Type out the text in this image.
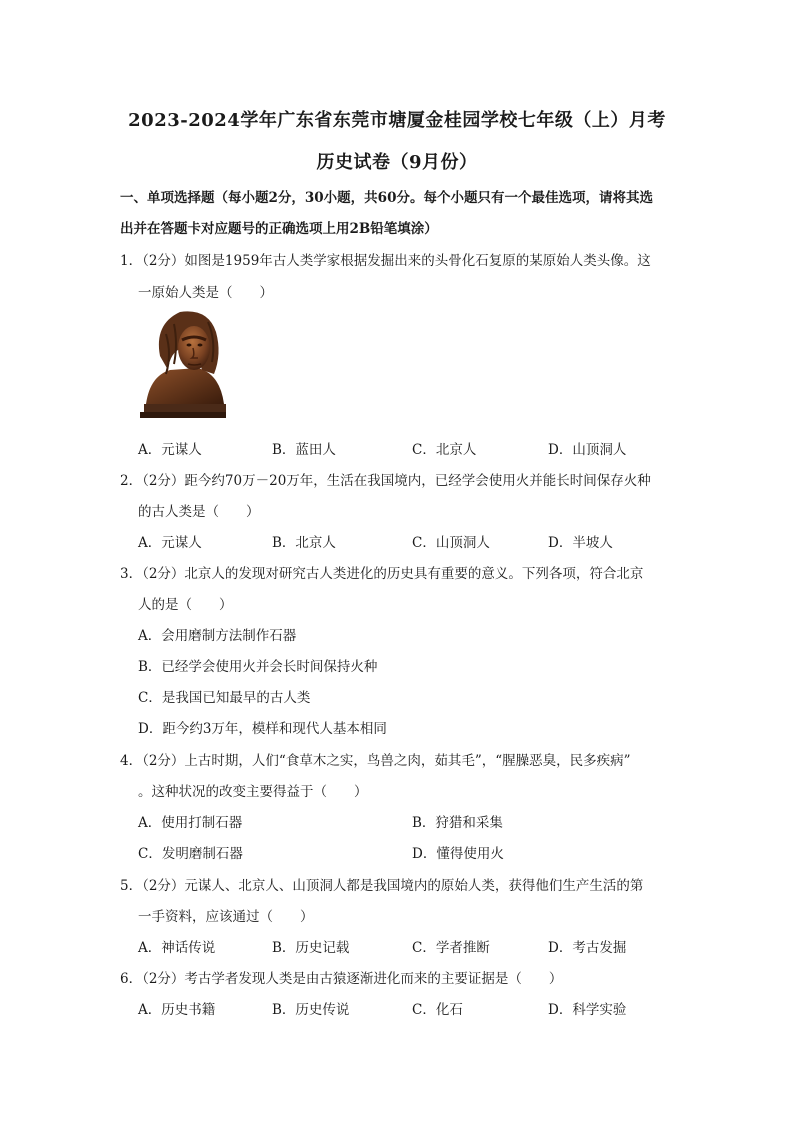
2023-2024学年广东省东莞市塘厦金桂园学校七年级（上）月考
历史试卷（9月份）
一、单项选择题（每小题2分，30小题，共60分。每个小题只有一个最佳选项，请将其选
出并在答题卡对应题号的正确选项上用2B铅笔填涂）
1．（2分）如图是1959年古人类学家根据发掘出来的头骨化石复原的某原始人类头像。这
一原始人类是（　　）
A．元谋人	B．蓝田人	C．北京人	D．山顶洞人
2．（2分）距今约70万－20万年，生活在我国境内，已经学会使用火并能长时间保存火种
的古人类是（　　）
A．元谋人	B．北京人	C．山顶洞人	D．半坡人
3．（2分）北京人的发现对研究古人类进化的历史具有重要的意义。下列各项，符合北京
人的是（　　）
A．会用磨制方法制作石器
B．已经学会使用火并会长时间保持火种
C．是我国已知最早的古人类
D．距今约3万年，模样和现代人基本相同
4．（2分）上古时期，人们“食草木之实，鸟兽之肉，茹其毛”，“腥臊恶臭，民多疾病”
。这种状况的改变主要得益于（　　）
A．使用打制石器	B．狩猎和采集
C．发明磨制石器	D．懂得使用火
5．（2分）元谋人、北京人、山顶洞人都是我国境内的原始人类，获得他们生产生活的第
一手资料，应该通过（　　）
A．神话传说	B．历史记载	C．学者推断	D．考古发掘
6．（2分）考古学者发现人类是由古猿逐渐进化而来的主要证据是（　　）
A．历史书籍	B．历史传说	C．化石	D．科学实验
